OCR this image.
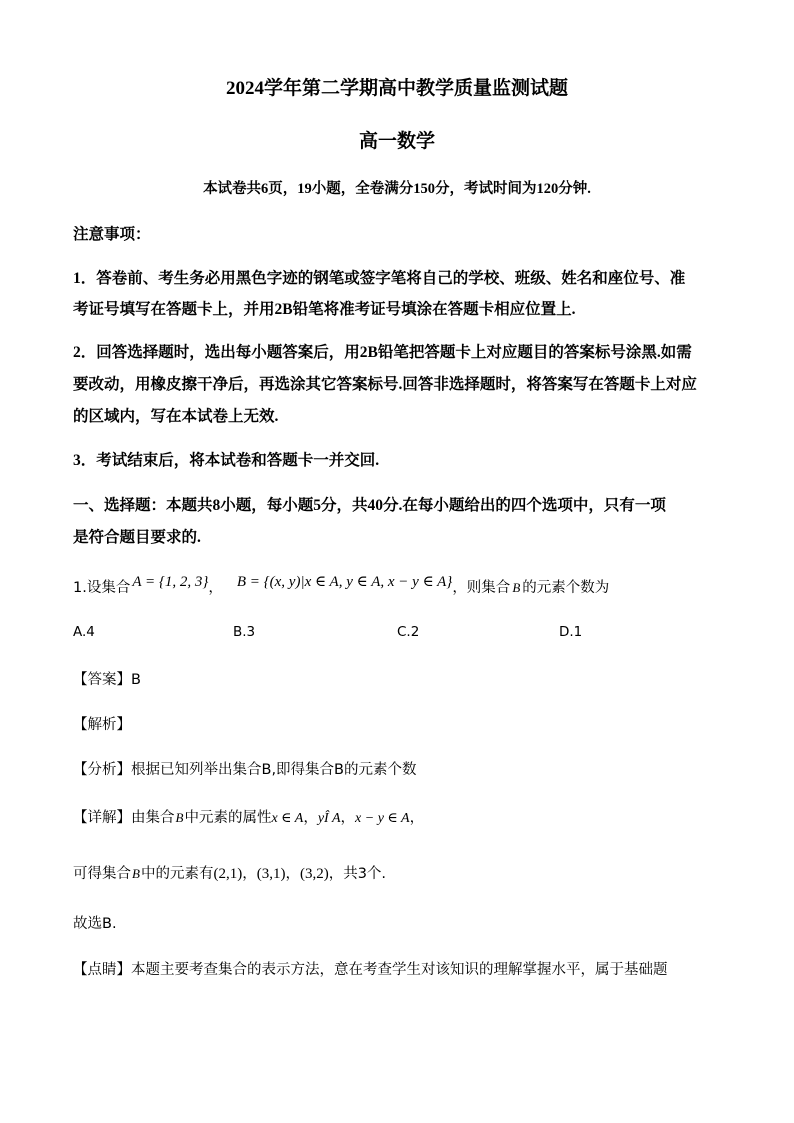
2024学年第二学期高中教学质量监测试题
高一数学
本试卷共6页，19小题，全卷满分150分，考试时间为120分钟.
注意事项：
1．答卷前、考生务必用黑色字迹的钢笔或签字笔将自己的学校、班级、姓名和座位号、准
考证号填写在答题卡上，并用2B铅笔将准考证号填涂在答题卡相应位置上.
2．回答选择题时，选出每小题答案后，用2B铅笔把答题卡上对应题目的答案标号涂黑.如需
要改动，用橡皮擦干净后，再选涂其它答案标号.回答非选择题时，将答案写在答题卡上对应
的区域内，写在本试卷上无效.
3．考试结束后，将本试卷和答题卡一并交回.
一、选择题：本题共8小题，每小题5分，共40分.在每小题给出的四个选项中，只有一项
是符合题目要求的.
1.设集合 A = {1, 2, 3}， B = {(x, y)|x ∈ A, y ∈ A, x − y ∈ A}，则集合 B 的元素个数为
A.4	B.3	C.2	D.1
【答案】B
【解析】
【分析】根据已知列举出集合B,即得集合B的元素个数
【详解】由集合B中元素的属性x ∈ A，yÎ A，x − y ∈ A，
可得集合B中的元素有(2,1)，(3,1)，(3,2)，共3个.
故选B.
【点睛】本题主要考查集合的表示方法，意在考查学生对该知识的理解掌握水平，属于基础题
